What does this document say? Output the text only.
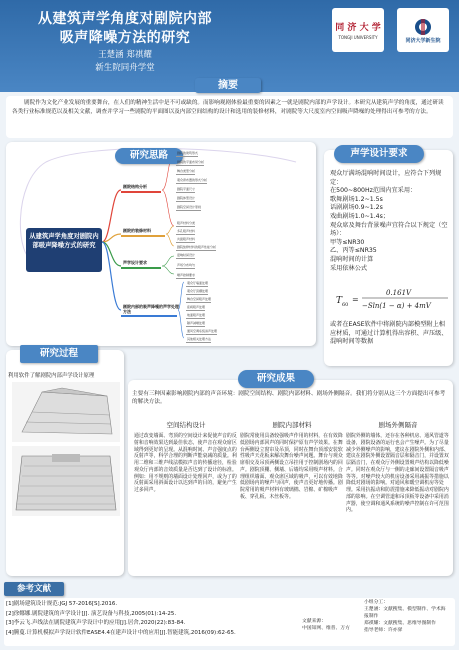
从建筑声学角度对剧院内部
吸声降噪方法的研究
王楚涵 郑祺耀
新生院同舟学堂
同 济 大 学
TONGJI UNIVERSITY	同济大学新生院
剧院作为文化产业发展的重要舞台，在人们的精神生活中是不可或缺的。而影响观剧体验最重要的因素之一就是剧院内部的声学设计。本研究从建筑声学的角度，通过研读各类行业标准规范以及相关文献，调查并学习一些剧院的平面图以及内部空间结构的设计和选用的装修材料，对剧院等大尺度室内空间吸声降噪的处理得出可参考的方法。
摘要
研究思路
从建筑声学角度对剧院内部吸声降噪方式的研究
剧院结构分析
剧院的装修材料
声学设计要求
剧院内部的吸声降噪的声学处理方法
剧院的建筑形式
剧院的平面布局分析
舞台类型分析
观众席布置的形式分析
剧院平面尺寸
剧院体型设计
剧院空间设计原则
吸声材料分类
多孔吸声材料
共振吸声材料
剧院装修材料的吸声性能分析
混响时间设计
声场分布均匀
噪声控制要求
观众厅墙面处理
观众厅顶棚处理
舞台空间吸声处理
座椅吸声处理
地面吸声处理
隔声减噪处理
通风空调系统消声处理
其他相关处理方法
声学设计要求
观众厅满场混响时间设计，应符合下列规定：
在500~800Hz范围内宜采用：
歌舞剧场1.2~1.5s
话剧剧场0.9~1.2s
戏曲剧场1.0~1.4s；
观众席及舞台背景噪声宜符合以下规定（空场）：
甲等≤NR30
乙、丙等≤NR35
混响时间的计算
采用依林公式
T 60
=
0.161V
−Sln(1 − α) + 4mV
或者在EASE软件中将剧院内部模型附上相应材质，可通过计算机得出容积、声压级、混响时间等数据
研究过程
利用软件了解剧院内部声学设计原理	研究成果
主要有三种因素影响剧院内部的声音环境：剧院空间结构、剧院内部材料、剧场外侧隔音。我们将分别从这三个方面提出可参考的解决方法。
空间结构设计
通过改变墙面、弯顶的空间设计来促使声音的反射和音响效果达到最佳状态，使声音在观众席区域得到更好的呈现。从混响时间、声音强度点的反射声等，科学合理的判断声能衰减的质量。利用二维和三维声线法模拟声音的传播途径，检验观众厅内部的音效质量是否达到了设计的标准。例如：用不规则的墙面设计处理回声，或为了的反射面采用斜面设计以达到声的目的，避免产生过多回声。
剧院内部材料
剧院常使用具备较强吸声作用的材料，在有效降低剧场内部回声的同时保护原有声学效果。在舞台两侧设立窗帘及吊顶，同时在舞台顶部安装软性吸声天花板来解决舞台噪声问题。舞台与观众席相交及吊顶两侧设立吊挂用于控制剧场内的回声。剧院顶棚、侧墙、后墙均采用吸声材料。合理组织墙面、观众席区域的吸声，可以有效地降低剧场内的噪声与回声，使声音更好地传播。剧院常用的吸声材料有玻璃棉、岩棉、矿棉吸声板、穿孔板、木丝板等。
剧场外侧隔音
剧院外侧的墙体，还存在各种机房、通风管道等设备，剧院设备的运行也会产生噪声。为了尽量减少外侧噪声的影响，建议在剧院外侧和内部、建议在剧院外侧设置隔音层和隔音门，并设置双层隔音门，在观众厅外侧设置吸声结构以降低噪声。同时在观众厅与一侧的走廊间设置隔音吸声等等。对噪声较大的机房设备采用减振等措施以降低对剧场的影响。对通风和暖空调机房等处理。采用抗振动和防震措施来降低振动对剧院内部的影响。在空调管道和吊顶板等设备中采用消声器，使空调和通风系统的噪声控制在许可范围内。
参考文献
[1]剧场建筑设计规范:JGJ 57-2016[S].2016.
[2]徐娜娜.剧院建筑的声学设计[J]. 演艺设备与科技,2005(01):14-25.
[3]李云飞.声线法在剧院建筑声学设计中的应用[J].居舍,2020(22):83-84.
[4]腾蔓.计算机模拟声学设计软件EASE4.4在建声设计中的应用[J].智能建筑,2016(09):62-65.
文献来源：
中国知网、维普、万方
小组分工：
王楚涵：文献搜集、模型制作、学术海报制作
郑祺耀：文献搜集、思维导图制作
指导老师：许亦驿
